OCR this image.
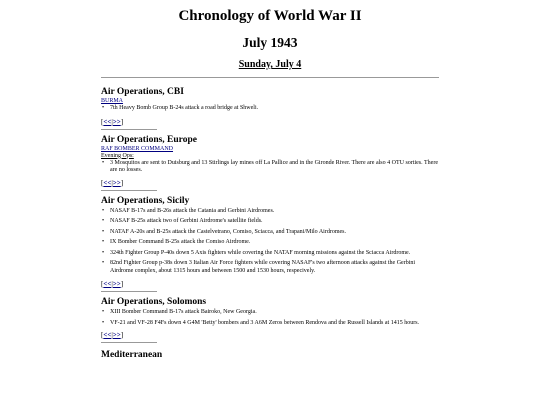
Chronology of World War II
July 1943
Sunday, July 4
Air Operations, CBI
BURMA
• 7th Heavy Bomb Group B-24s attack a road bridge at Shweli.
[<<|>>]
Air Operations, Europe
RAF BOMBER COMMAND
Evening Ops:
• 3 Mosquitos are sent to Duisburg and 13 Stirlings lay mines off La Pallice and in the Gironde River. There are also 4 OTU sorties. There are no losses.
[<<|>>]
Air Operations, Sicily
• NASAF B-17s and B-26s attack the Catania and Gerbini Airdromes.
• NASAF B-25s attack two of Gerbini Airdrome's satellite fields.
• NATAF A-20s and B-25s attack the Castelvetrano, Comiso, Sciacca, and Trapani/Milo Airdromes.
• IX Bomber Command B-25s attack the Comiso Airdrome.
• 324th Fighter Group P-40s down 5 Axis fighters while covering the NATAF morning missions against the Sciacca Airdrome.
• 82nd Fighter Group p-38s down 3 Italian Air Force fighters while covering NASAF's two afternoon attacks against the Gerbini Airdrome complex, about 1315 hours and between 1500 and 1530 hours, respecively.
[<<|>>]
Air Operations, Solomons
• XIII Bomber Command B-17s attack Bairoko, New Georgia.
• VF-21 and VF-28 F4Fs down 4 G4M 'Betty' bombers and 3 A6M Zeros between Rendova and the Russell Islands at 1415 hours.
[<<|>>]
Mediterranean
